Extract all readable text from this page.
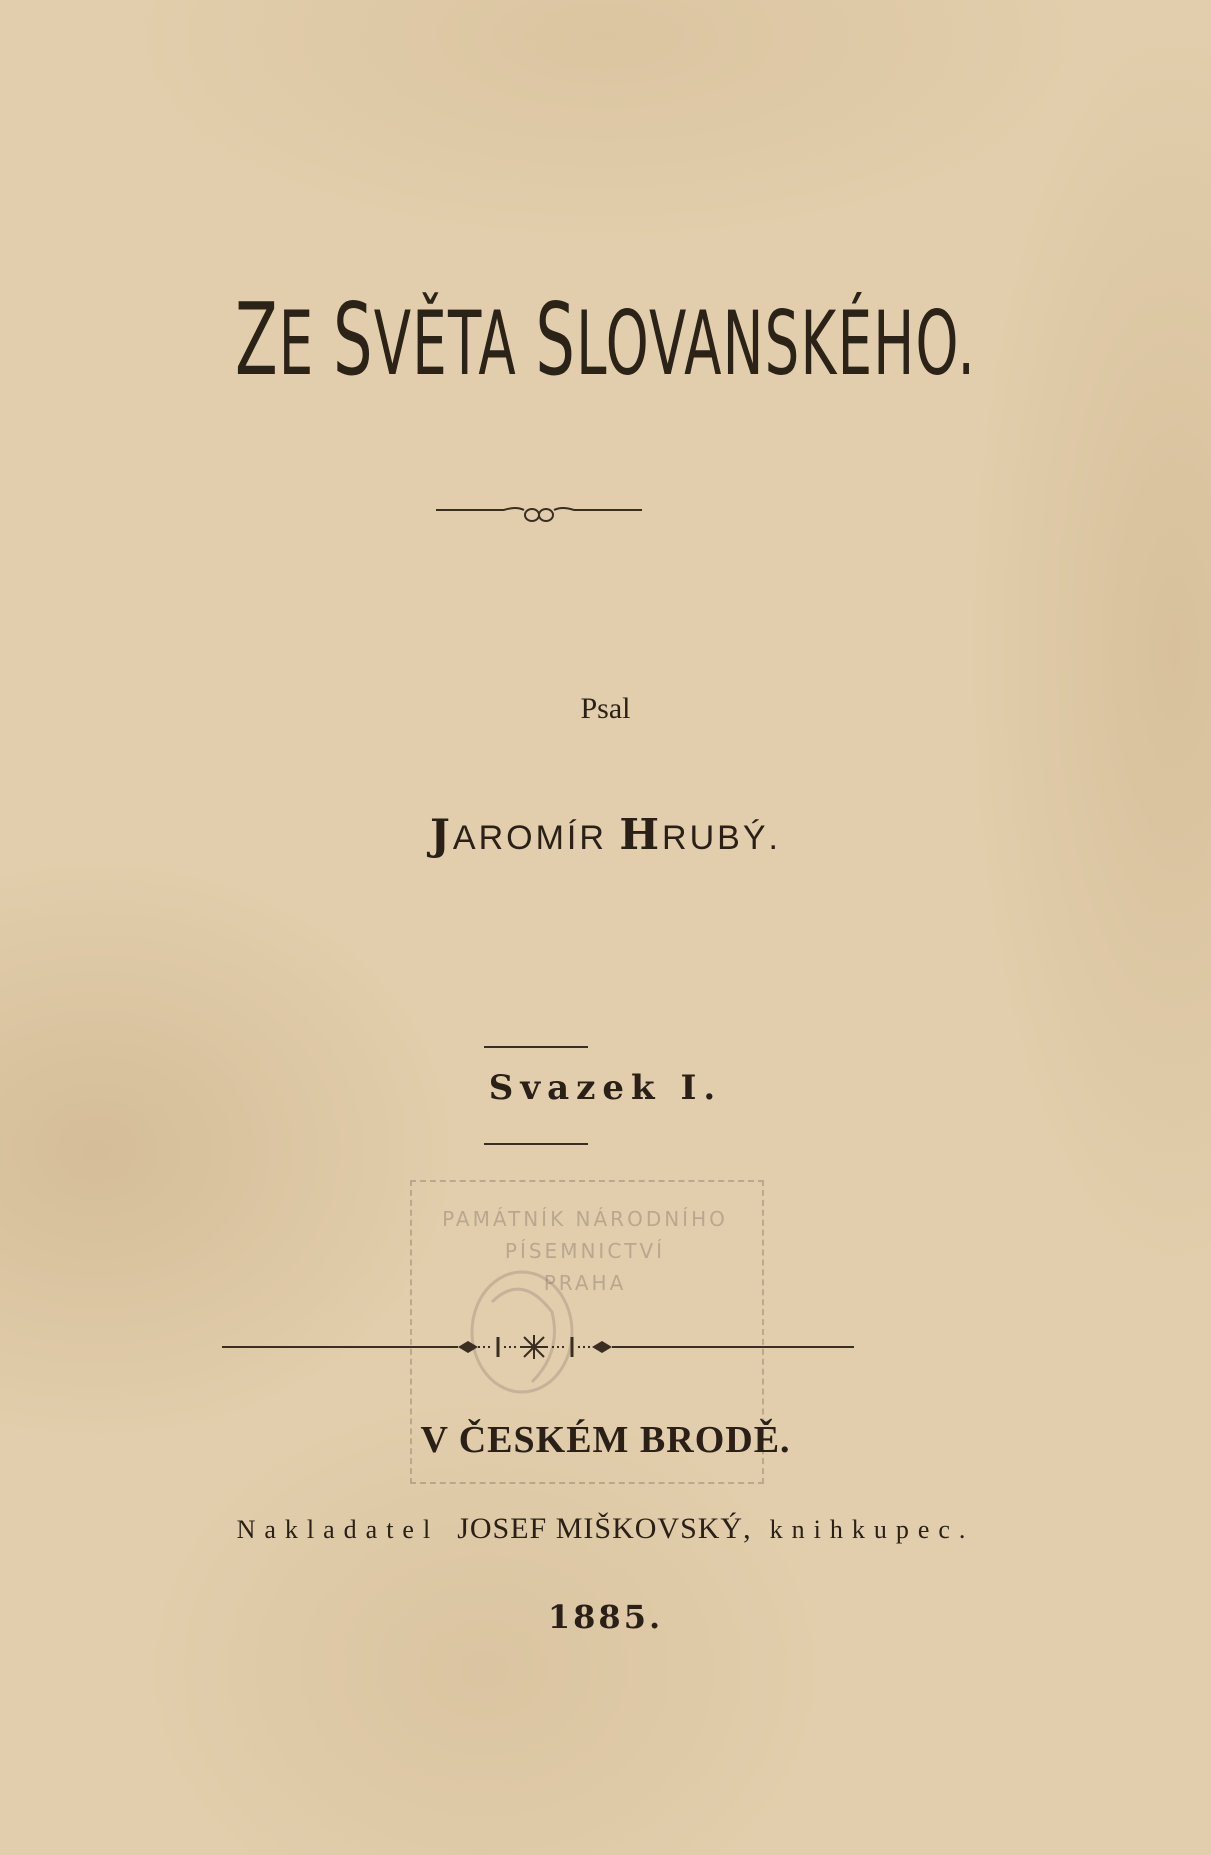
ZE SVĚTA SLOVANSKÉHO.
Psal
JAROMÍR HRUBÝ.
Svazek I.
PAMÁTNÍK NÁRODNÍHO
PÍSEMNICTVÍ
PRAHA
V ČESKÉM BRODĚ.
Nakladatel JOSEF MIŠKOVSKÝ, knihkupec.
1885.
